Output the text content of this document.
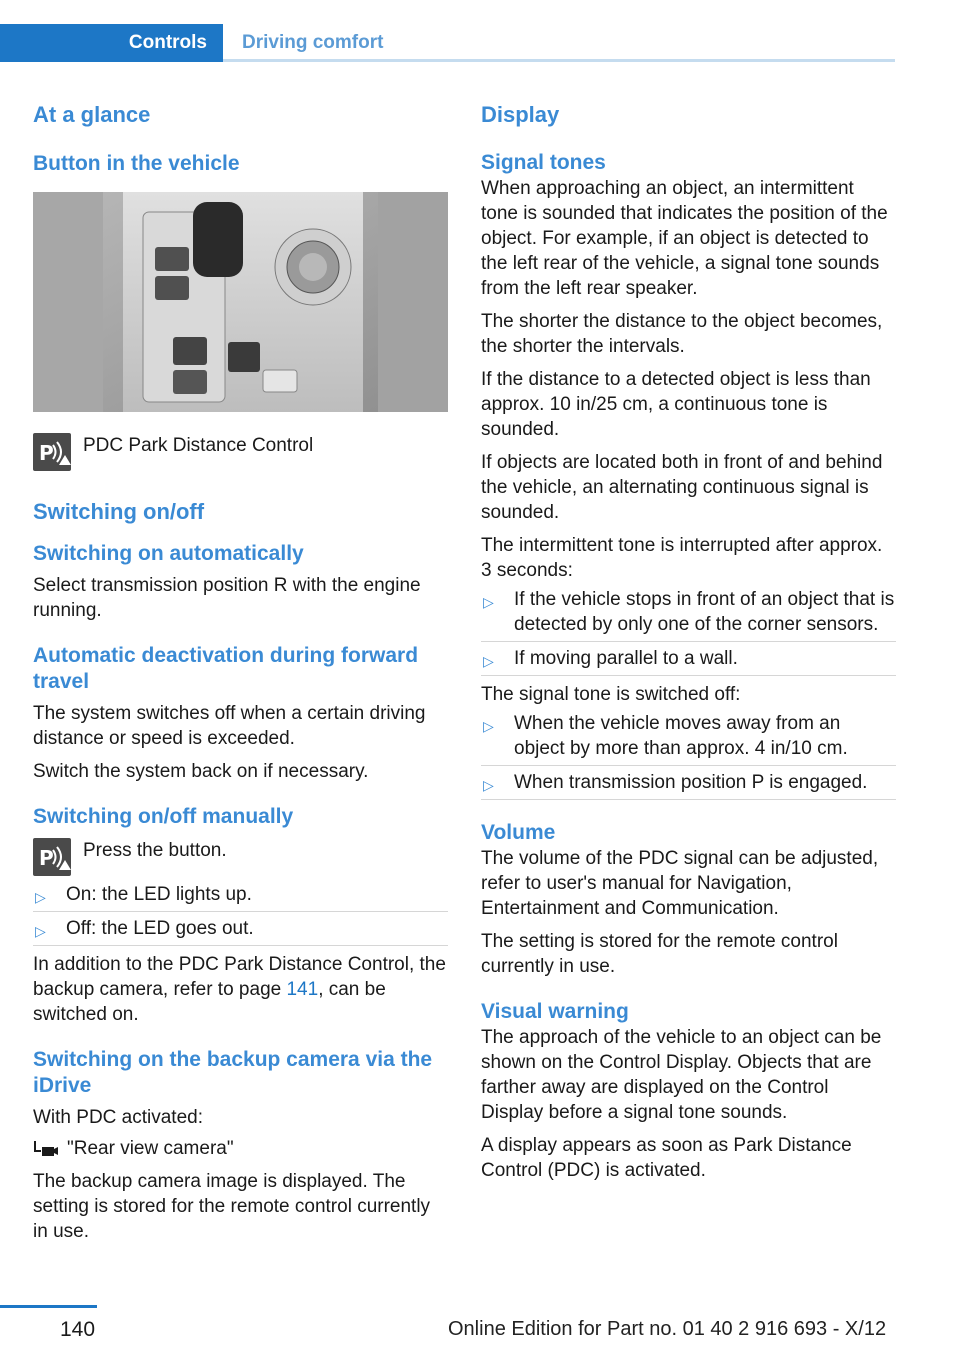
Controls Driving comfort
At a glance
Button in the vehicle
P	PDC Park Distance Control
Switching on/off
Switching on automatically

Select transmission position R with the engine running.

Automatic deactivation during forward travel

The system switches off when a certain driving distance or speed is exceeded.

Switch the system back on if necessary.

Switching on/off manually
P	Press the button.
▷ On: the LED lights up.
▷ Off: the LED goes out.

In addition to the PDC Park Distance Control, the backup camera, refer to page 141, can be switched on.

Switching on the backup camera via the iDrive

With PDC activated:

"Rear view camera"

The backup camera image is displayed. The setting is stored for the remote control currently in use.

Display
Signal tones

When approaching an object, an intermittent tone is sounded that indicates the position of the object. For example, if an object is detected to the left rear of the vehicle, a signal tone sounds from the left rear speaker.

The shorter the distance to the object becomes, the shorter the intervals.

If the distance to a detected object is less than approx. 10 in/25 cm, a continuous tone is sounded.

If objects are located both in front of and behind the vehicle, an alternating continuous signal is sounded.

The intermittent tone is interrupted after approx. 3 seconds:

▷ If the vehicle stops in front of an object that is detected by only one of the corner sensors.
▷ If moving parallel to a wall.

The signal tone is switched off:

▷ When the vehicle moves away from an object by more than approx. 4 in/10 cm.
▷ When transmission position P is engaged.
Volume

The volume of the PDC signal can be adjusted, refer to user's manual for Navigation, Entertainment and Communication.

The setting is stored for the remote control currently in use.

Visual warning

The approach of the vehicle to an object can be shown on the Control Display. Objects that are farther away are displayed on the Control Display before a signal tone sounds.

A display appears as soon as Park Distance Control (PDC) is activated.

140	Online Edition for Part no. 01 40 2 916 693 - X/12
